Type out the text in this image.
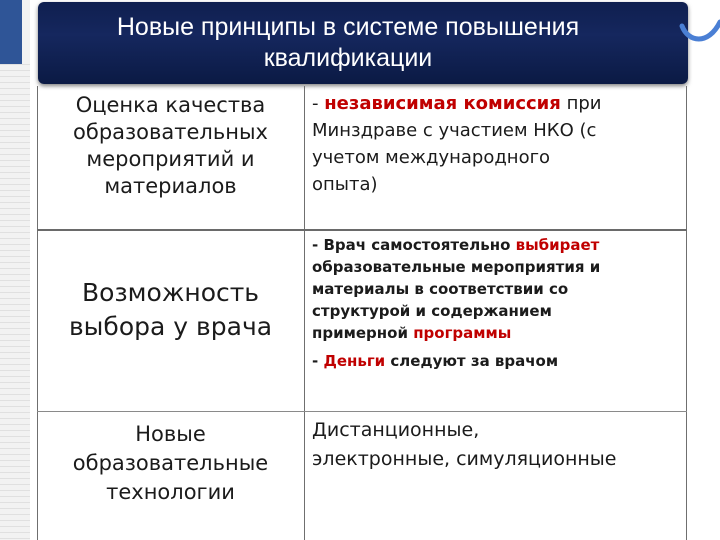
Новые принципы в системе повышения
квалификации
Оценка качества
образовательных
мероприятий и
материалов
- независимая комиссия при
Минздраве с участием НКО (с
учетом международного
опыта)
Возможность
выбора у врача
- Врач самостоятельно выбирает
образовательные мероприятия и
материалы в соответствии со
структурой и содержанием
примерной программы
- Деньги следуют за врачом
Новые
образовательные
технологии
Дистанционные,
электронные, симуляционные
